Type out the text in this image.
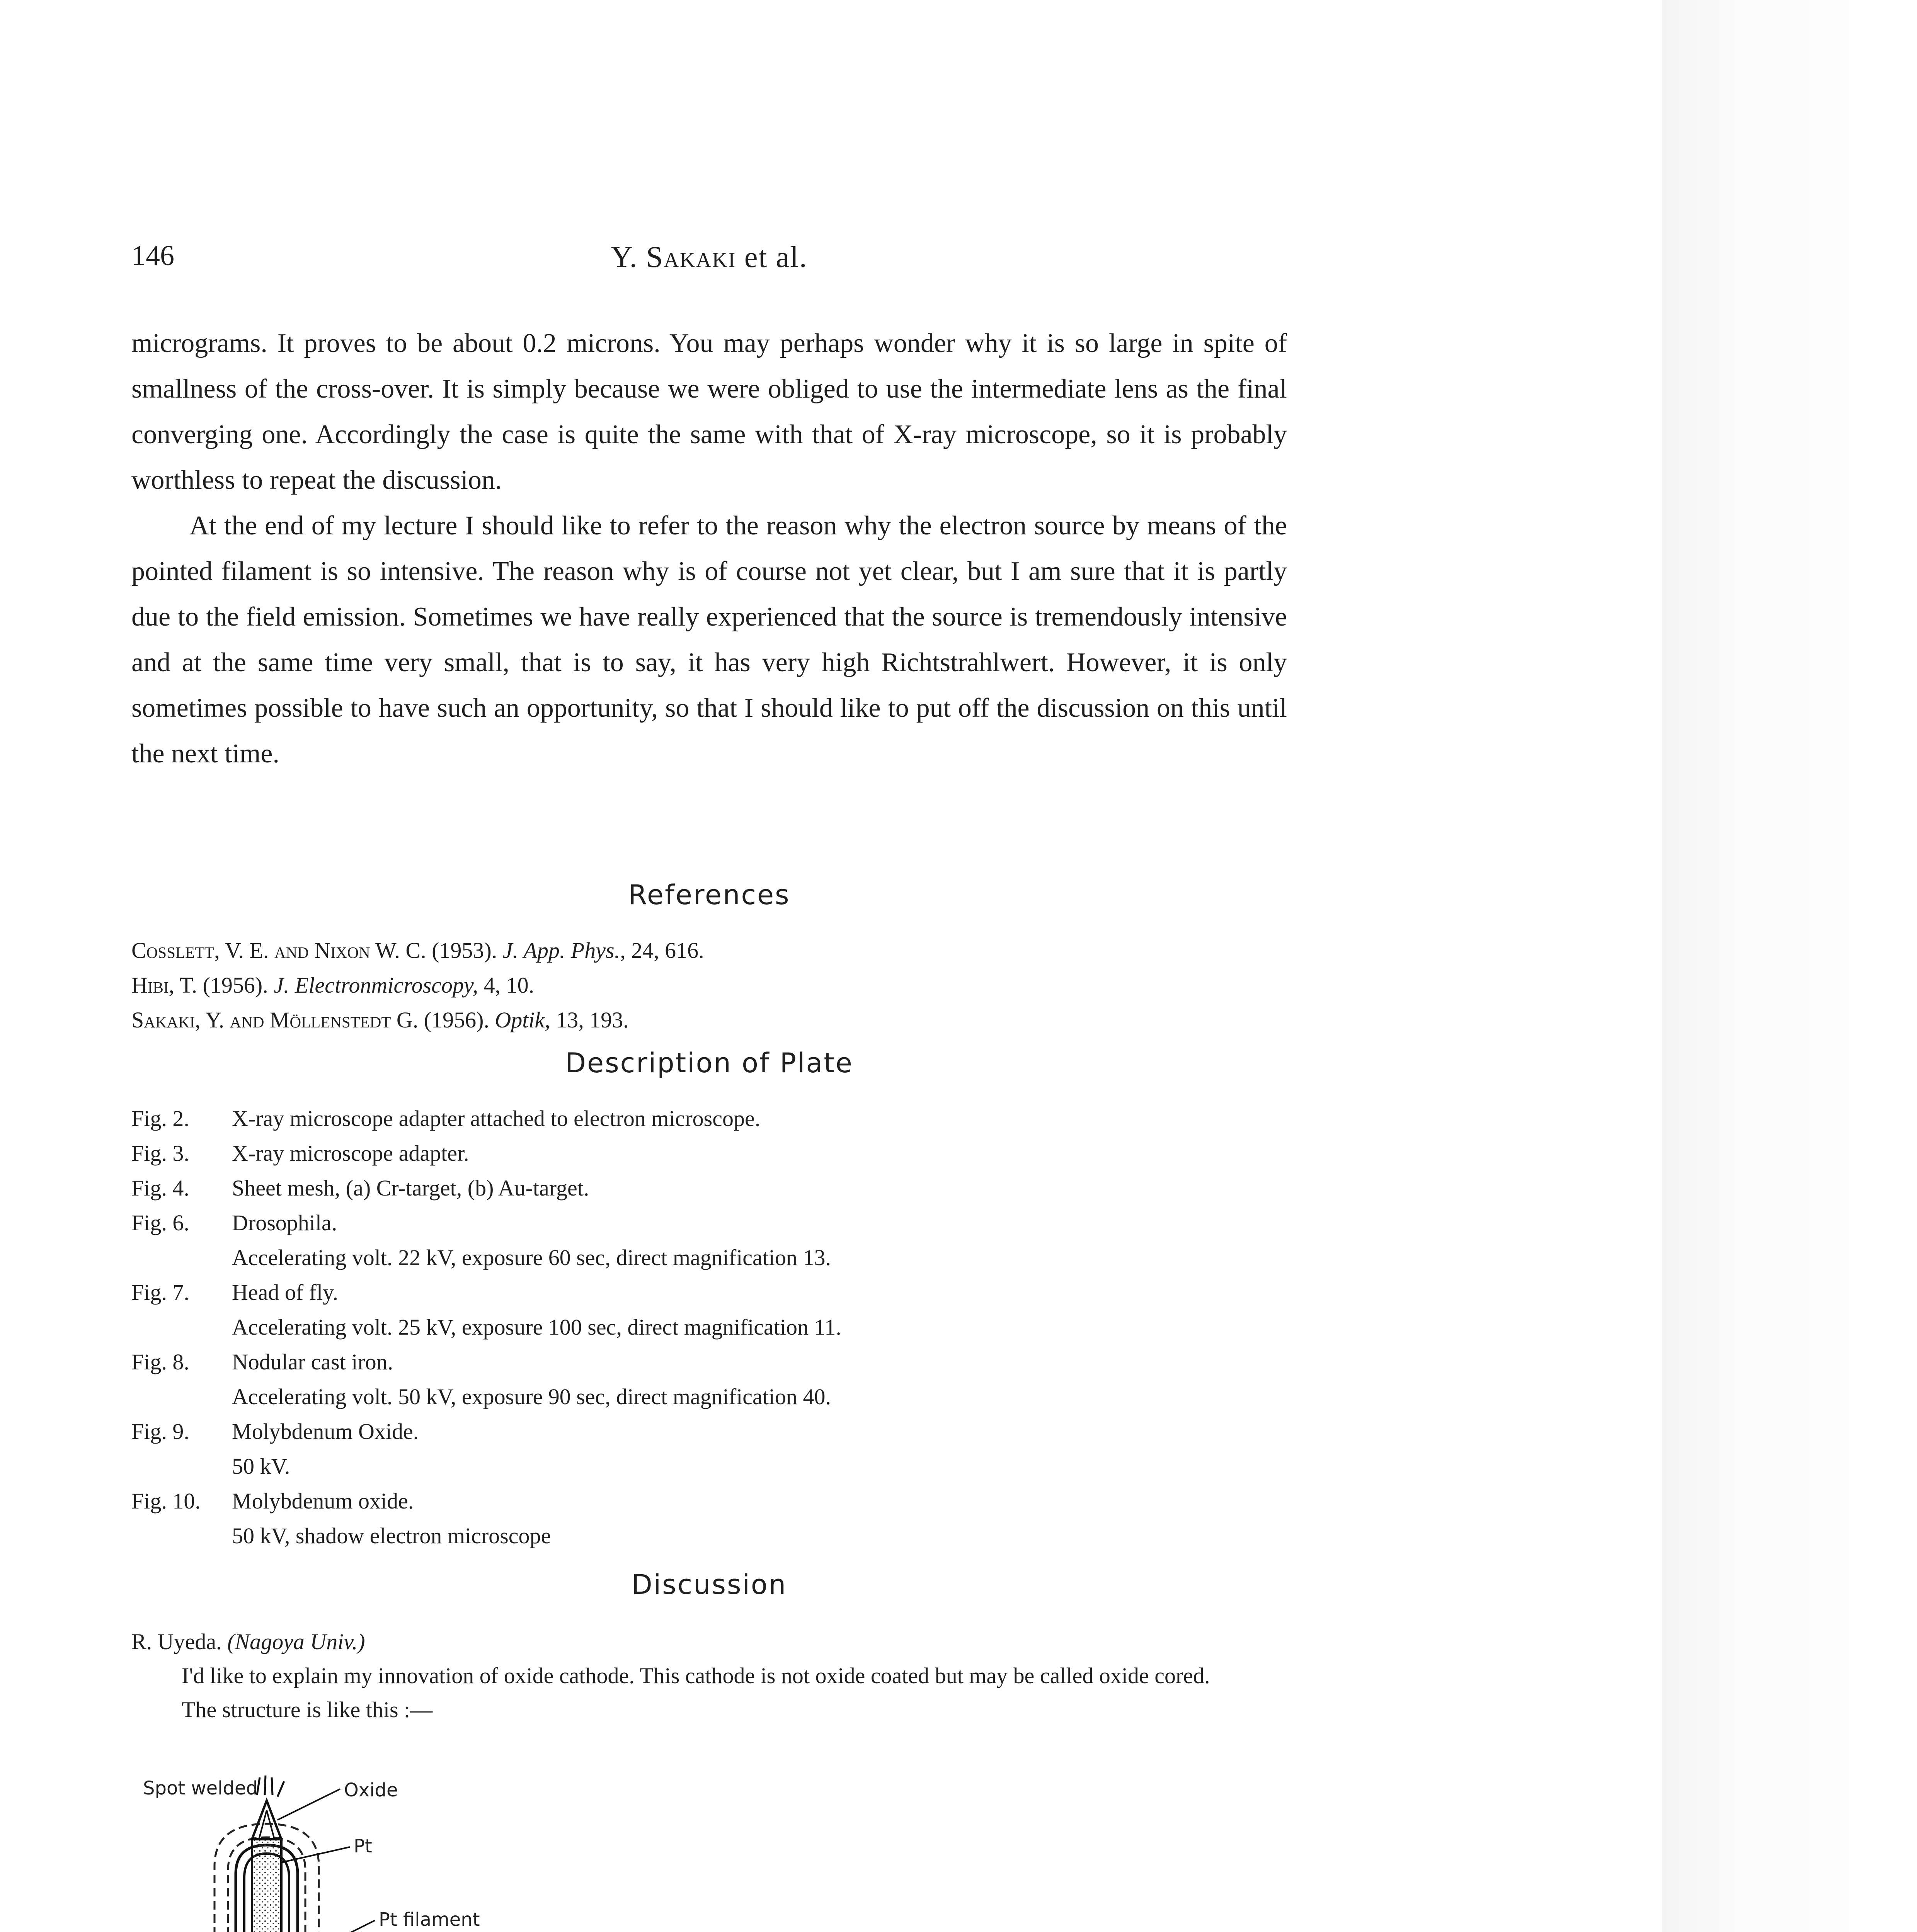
146	Y. Sakaki et al.

micrograms. It proves to be about 0.2 microns. You may perhaps wonder why it is so large in spite of smallness of the cross-over. It is simply because we were obliged to use the intermediate lens as the final converging one. Accordingly the case is quite the same with that of X-ray microscope, so it is probably worthless to repeat the discussion.

At the end of my lecture I should like to refer to the reason why the electron source by means of the pointed filament is so intensive. The reason why is of course not yet clear, but I am sure that it is partly due to the field emission. Sometimes we have really experienced that the source is tremendously intensive and at the same time very small, that is to say, it has very high Richtstrahlwert. However, it is only sometimes possible to have such an opportunity, so that I should like to put off the discussion on this until the next time.

References
Cosslett, V. E. and Nixon W. C. (1953). J. App. Phys., 24, 616.
Hibi, T. (1956). J. Electronmicroscopy, 4, 10.
Sakaki, Y. and Möllenstedt G. (1956). Optik, 13, 193.
Description of Plate
Fig. 2.	X-ray microscope adapter attached to electron microscope.
Fig. 3.	X-ray microscope adapter.
Fig. 4.	Sheet mesh, (a) Cr-target, (b) Au-target.
Fig. 6.	Drosophila.
Accelerating volt. 22 kV, exposure 60 sec, direct magnification 13.
Fig. 7.	Head of fly.
Accelerating volt. 25 kV, exposure 100 sec, direct magnification 11.
Fig. 8.	Nodular cast iron.
Accelerating volt. 50 kV, exposure 90 sec, direct magnification 40.
Fig. 9.	Molybdenum Oxide.
50 kV.
Fig. 10.	Molybdenum oxide.
50 kV, shadow electron microscope
Discussion

R. Uyeda. (Nagoya Univ.)

I'd like to explain my innovation of oxide cathode. This cathode is not oxide coated but may be called oxide cored.

The structure is like this :—

Spot welded	Oxide
Pt
Pt filament
